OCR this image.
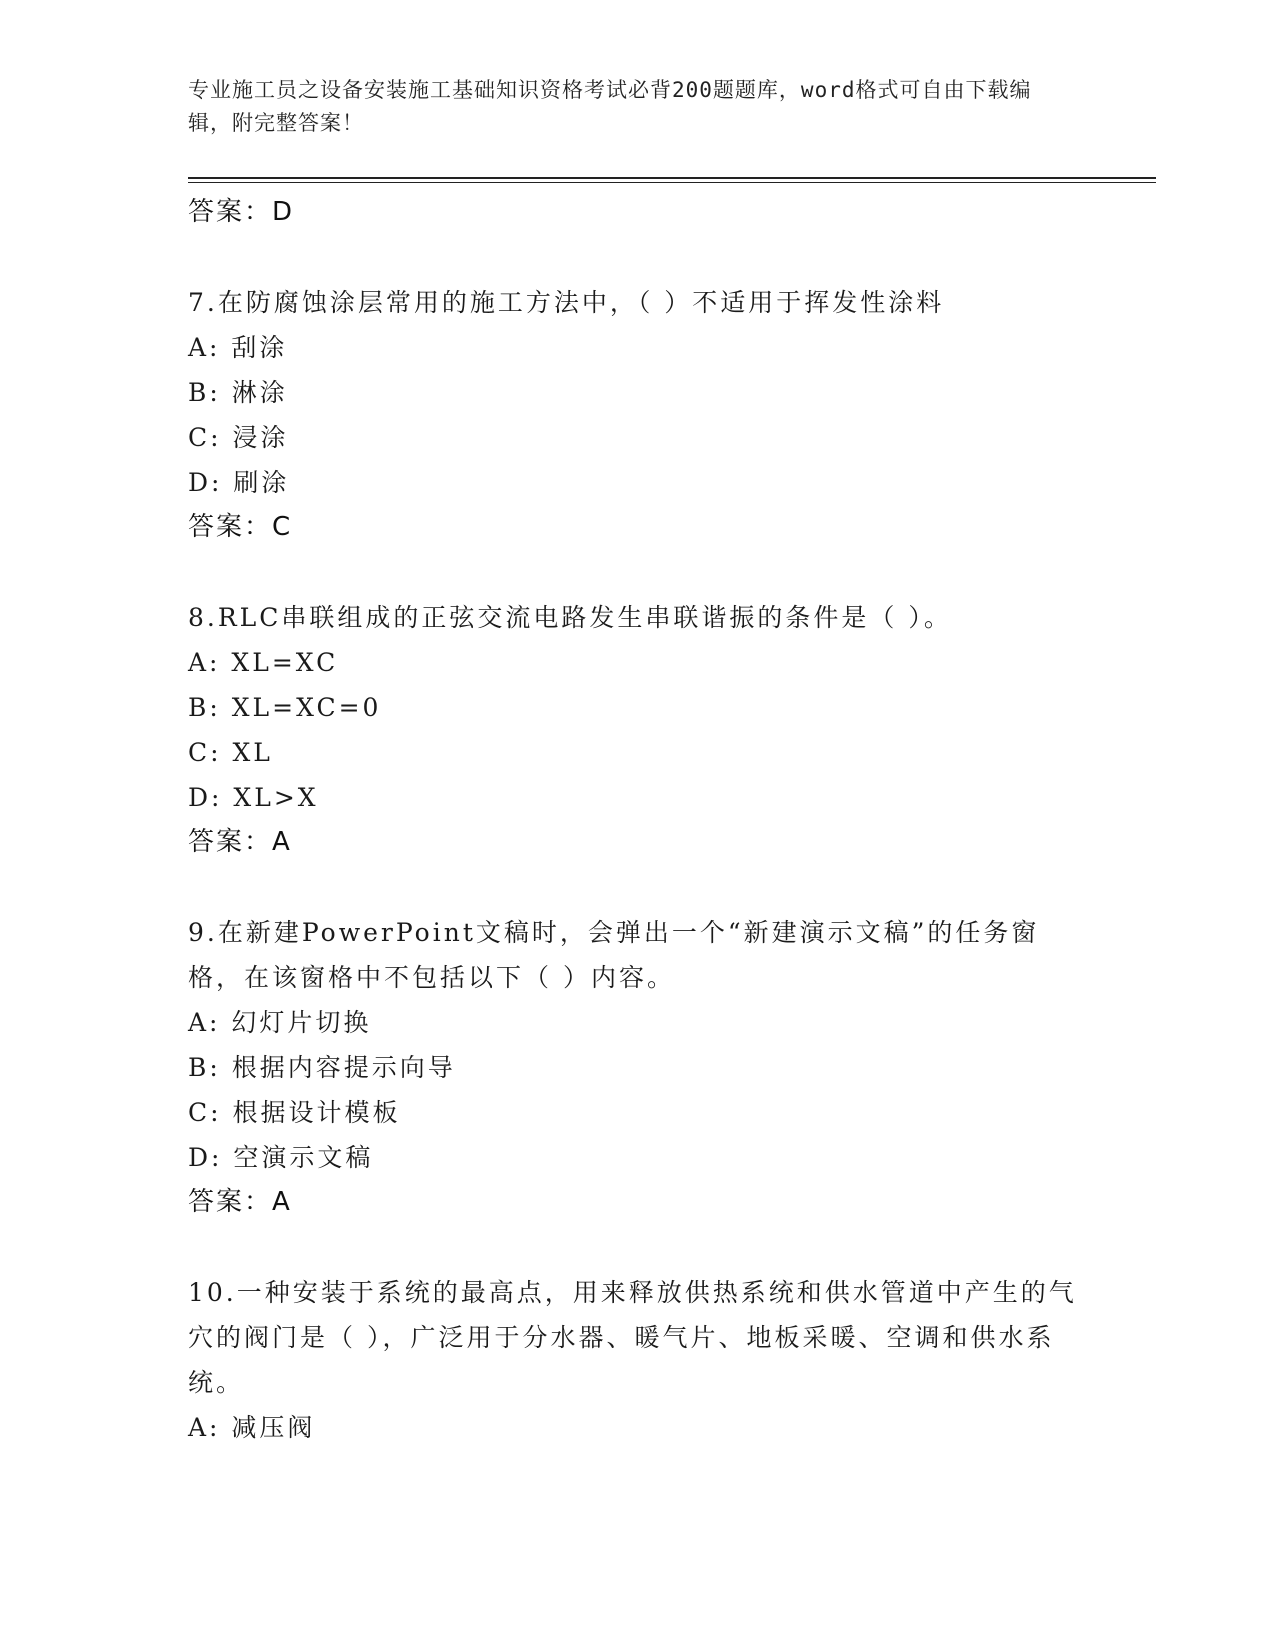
专业施工员之设备安装施工基础知识资格考试必背200题题库，word格式可自由下载编辑，附完整答案！
答案：D
7.在防腐蚀涂层常用的施工方法中，（ ）不适用于挥发性涂料
A: 刮涂
B: 淋涂
C: 浸涂
D: 刷涂
答案：C
8.RLC串联组成的正弦交流电路发生串联谐振的条件是（ ）。
A: XL=XC
B: XL=XC=0
C: XL
D: XL>X
答案：A
9.在新建PowerPoint文稿时，会弹出一个“新建演示文稿”的任务窗格，在该窗格中不包括以下（ ）内容。
A: 幻灯片切换
B: 根据内容提示向导
C: 根据设计模板
D: 空演示文稿
答案：A
10.一种安装于系统的最高点，用来释放供热系统和供水管道中产生的气穴的阀门是（ ），广泛用于分水器、暖气片、地板采暖、空调和供水系统。
A: 减压阀
